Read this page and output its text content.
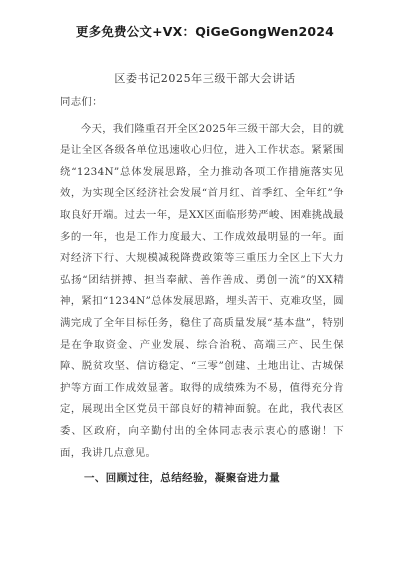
更多免费公文+VX：QiGeGongWen2024
区委书记2025年三级干部大会讲话

同志们：

今天，我们隆重召开全区2025年三级干部大会，目的就是让全区各级各单位迅速收心归位，进入工作状态。紧紧围绕“1234N”总体发展思路，全力推动各项工作措施落实见效，为实现全区经济社会发展“首月红、首季红、全年红”争取良好开端。过去一年，是XX区面临形势严峻、困难挑战最多的一年，也是工作力度最大、工作成效最明显的一年。面对经济下行、大规模减税降费政策等三重压力全区上下大力弘扬“团结拼搏、担当奉献、善作善成、勇创一流”的XX精神，紧扣“1234N”总体发展思路，埋头苦干、克难攻坚，圆满完成了全年目标任务，稳住了高质量发展“基本盘”，特别是在争取资金、产业发展、综合治税、高端三产、民生保障、脱贫攻坚、信访稳定、“三零”创建、土地出让、古城保护等方面工作成效显著。取得的成绩殊为不易，值得充分肯定，展现出全区党员干部良好的精神面貌。在此，我代表区委、区政府，向辛勤付出的全体同志表示衷心的感谢！下面，我讲几点意见。

一、回顾过往，总结经验，凝聚奋进力量
